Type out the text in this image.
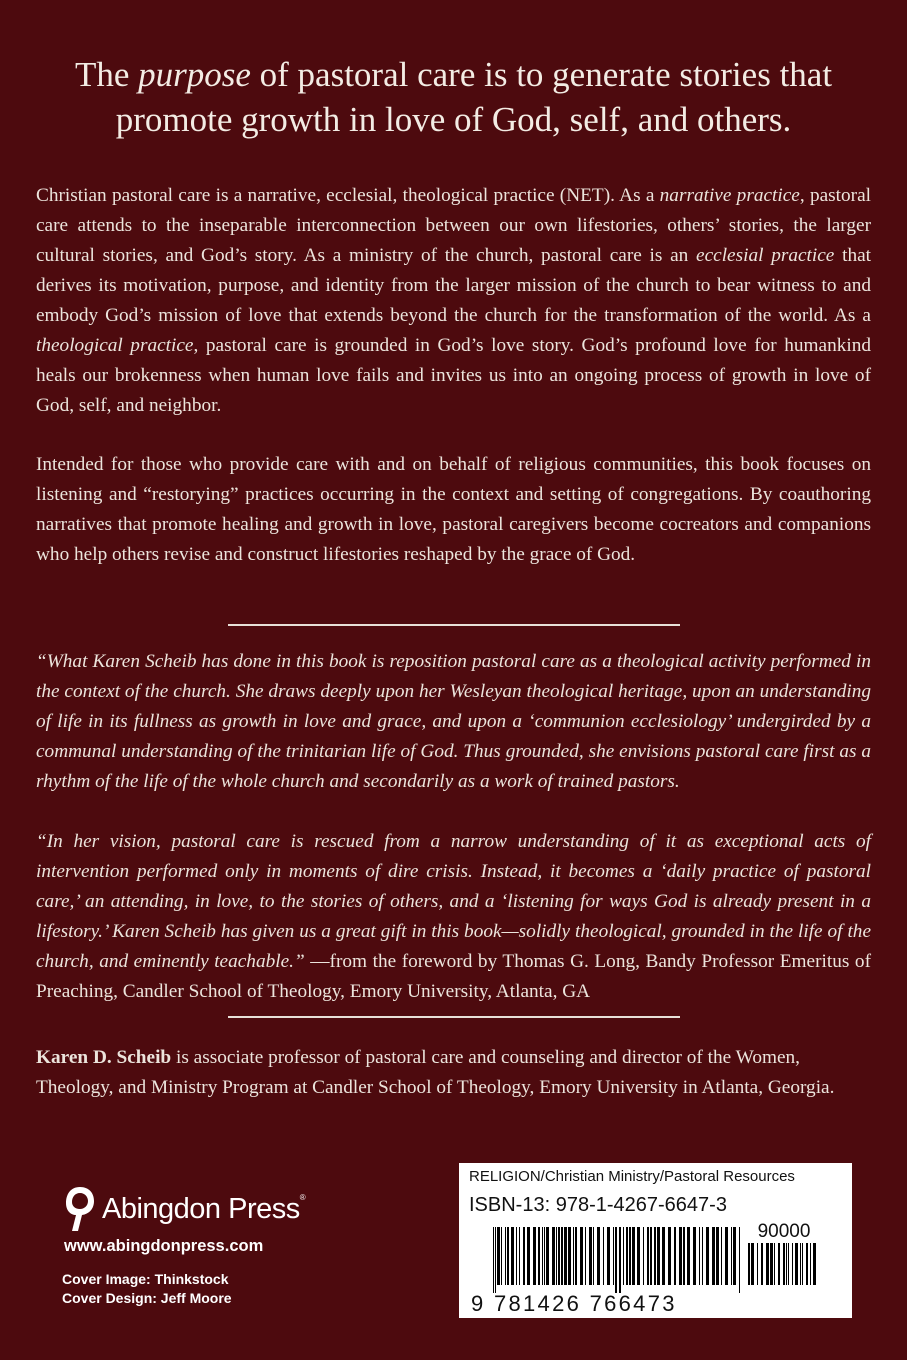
The purpose of pastoral care is to generate stories that promote growth in love of God, self, and others.
Christian pastoral care is a narrative, ecclesial, theological practice (NET). As a narrative practice, pastoral care attends to the inseparable interconnection between our own lifestories, others’ stories, the larger cultural stories, and God’s story. As a ministry of the church, pastoral care is an ecclesial practice that derives its motivation, purpose, and identity from the larger mission of the church to bear witness to and embody God’s mission of love that extends beyond the church for the transformation of the world. As a theological practice, pastoral care is grounded in God’s love story. God’s profound love for humankind heals our brokenness when human love fails and invites us into an ongoing process of growth in love of God, self, and neighbor.
Intended for those who provide care with and on behalf of religious communities, this book focuses on listening and “restorying” practices occurring in the context and setting of congregations. By coauthoring narratives that promote healing and growth in love, pastoral caregivers become cocreators and companions who help others revise and construct lifestories reshaped by the grace of God.
“What Karen Scheib has done in this book is reposition pastoral care as a theological activity performed in the context of the church. She draws deeply upon her Wesleyan theological heritage, upon an understanding of life in its fullness as growth in love and grace, and upon a ‘communion ecclesiology’ undergirded by a communal understanding of the trinitarian life of God. Thus grounded, she envisions pastoral care first as a rhythm of the life of the whole church and secondarily as a work of trained pastors.
“In her vision, pastoral care is rescued from a narrow understanding of it as exceptional acts of intervention performed only in moments of dire crisis. Instead, it becomes a ‘daily practice of pastoral care,’ an attending, in love, to the stories of others, and a ‘listening for ways God is already present in a lifestory.’ Karen Scheib has given us a great gift in this book—solidly theological, grounded in the life of the church, and eminently teachable.” —from the foreword by Thomas G. Long, Bandy Professor Emeritus of Preaching, Candler School of Theology, Emory University, Atlanta, GA
Karen D. Scheib is associate professor of pastoral care and counseling and director of the Women, Theology, and Ministry Program at Candler School of Theology, Emory University in Atlanta, Georgia.
Abingdon Press®
www.abingdonpress.com
Cover Image: Thinkstock
Cover Design: Jeff Moore
RELIGION/Christian Ministry/Pastoral Resources
ISBN-13: 978-1-4267-6647-3
90000
9 781426 766473
